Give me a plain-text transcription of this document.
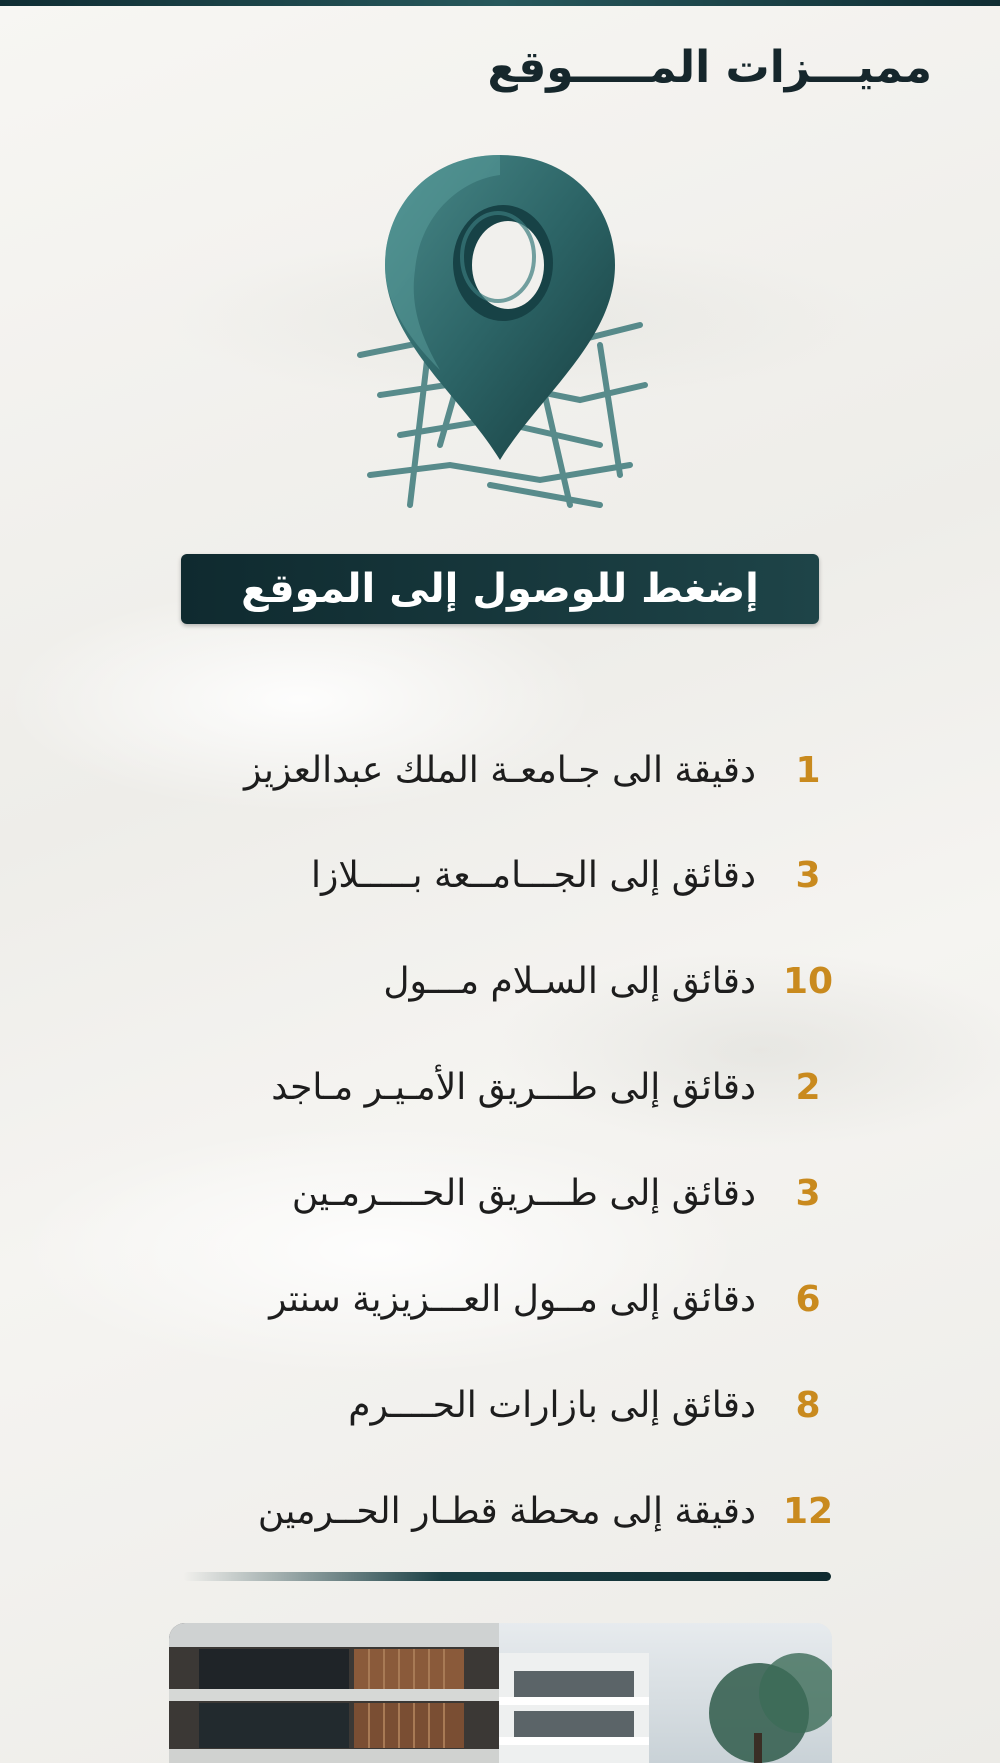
مميـــزات المـــــوقع
إضغط للوصول إلى الموقع
1
دقيقة الى جـامعـة الملك عبدالعزيز
3
دقائق إلى الجـــامــعة بـــــلازا
10
دقائق إلى السـلام مـــول
2
دقائق إلى طـــريق الأمـيـر مـاجد
3
دقائق إلى طـــريق الحــــرمـين
6
دقائق إلى مــول العـــزيزية سنتر
8
دقائق إلى بازارات الحــــرم
12
دقيقة إلى محطة قطـار الحــرمين
